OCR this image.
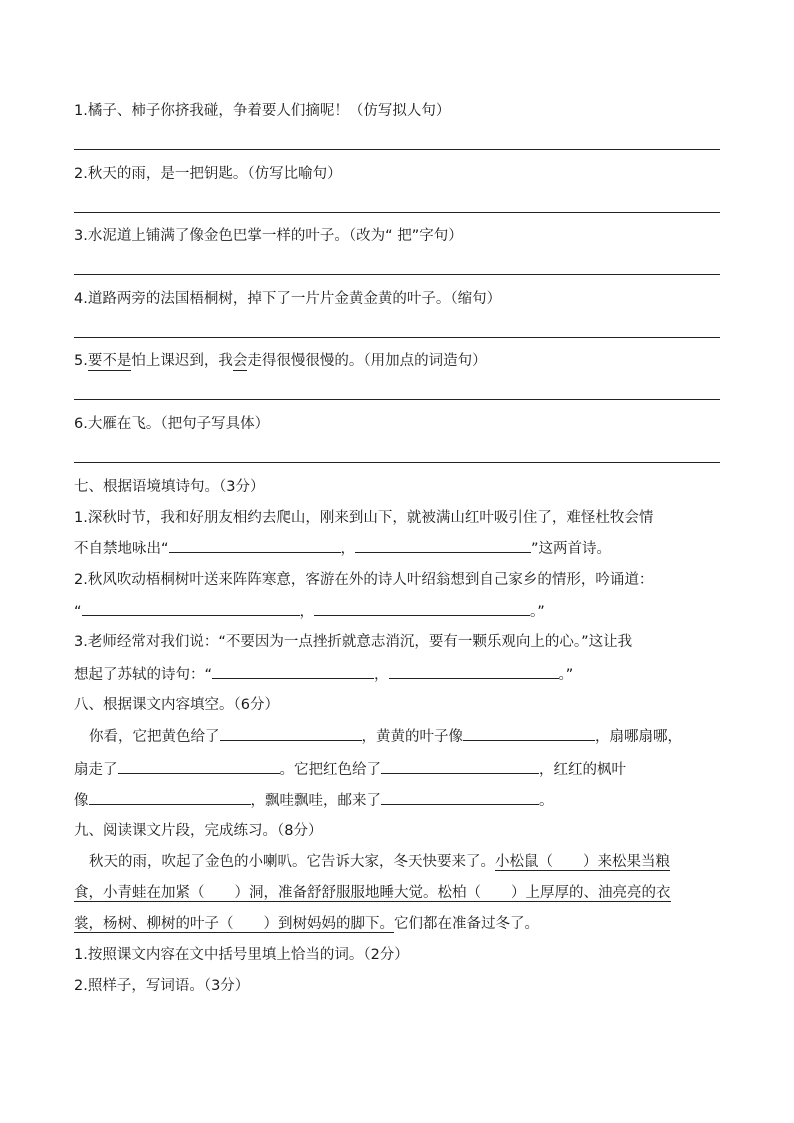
1.橘子、柿子你挤我碰，争着要人们摘呢！（仿写拟人句）
2.秋天的雨，是一把钥匙。（仿写比喻句）
3.水泥道上铺满了像金色巴掌一样的叶子。（改为“ 把”字句）
4.道路两旁的法国梧桐树，掉下了一片片金黄金黄的叶子。（缩句）
5.要不是怕上课迟到，我会走得很慢很慢的。（用加点的词造句）
6.大雁在飞。（把句子写具体）
七、根据语境填诗句。（3分）
1.深秋时节，我和好朋友相约去爬山，刚来到山下，就被满山红叶吸引住了，难怪杜牧会情
不自禁地咏出“	，	”这两首诗。
2.秋风吹动梧桐树叶送来阵阵寒意，客游在外的诗人叶绍翁想到自己家乡的情形，吟诵道：
“	，	。”
3.老师经常对我们说：“不要因为一点挫折就意志消沉，要有一颗乐观向上的心。”这让我
想起了苏轼的诗句：“	，	。”
八、根据课文内容填空。（6分）
你看，它把黄色给了	，黄黄的叶子像	，扇哪扇哪，
扇走了	。它把红色给了	，红红的枫叶
像	，飘哇飘哇，邮来了	。
九、阅读课文片段，完成练习。（8分）
秋天的雨，吹起了金色的小喇叭。它告诉大家，冬天快要来了。小松鼠（ ）来松果当粮
食，小青蛙在加紧（ ）洞，准备舒舒服服地睡大觉。松柏（ ）上厚厚的、油亮亮的衣
裳，杨树、柳树的叶子（ ）到树妈妈的脚下。它们都在准备过冬了。
1.按照课文内容在文中括号里填上恰当的词。（2分）
2.照样子，写词语。（3分）
